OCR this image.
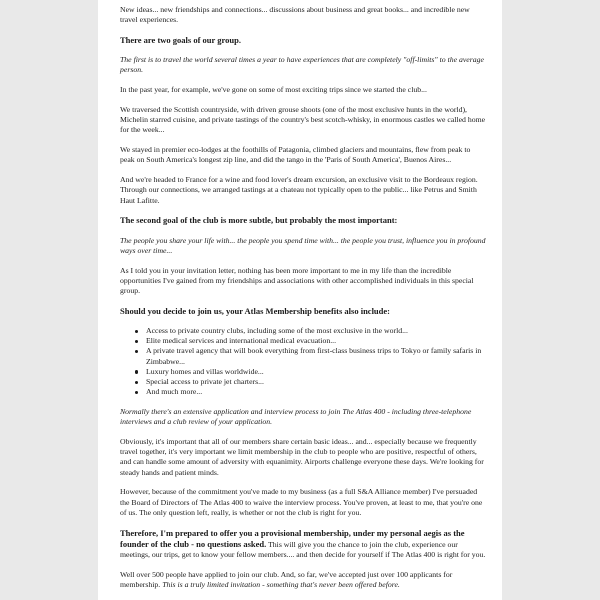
New ideas... new friendships and connections... discussions about business and great books... and incredible new travel experiences.

There are two goals of our group.

The first is to travel the world several times a year to have experiences that are completely "off-limits" to the average person.

In the past year, for example, we've gone on some of most exciting trips since we started the club...

We traversed the Scottish countryside, with driven grouse shoots (one of the most exclusive hunts in the world), Michelin starred cuisine, and private tastings of the country's best scotch-whisky, in enormous castles we called home for the week...

We stayed in premier eco-lodges at the foothills of Patagonia, climbed glaciers and mountains, flew from peak to peak on South America's longest zip line, and did the tango in the 'Paris of South America', Buenos Aires...

And we're headed to France for a wine and food lover's dream excursion, an exclusive visit to the Bordeaux region. Through our connections, we arranged tastings at a chateau not typically open to the public... like Petrus and Smith Haut Lafitte.

The second goal of the club is more subtle, but probably the most important:

The people you share your life with... the people you spend time with... the people you trust, influence you in profound ways over time...

As I told you in your invitation letter, nothing has been more important to me in my life than the incredible opportunities I've gained from my friendships and associations with other accomplished individuals in this special group.

Should you decide to join us, your Atlas Membership benefits also include:

Access to private country clubs, including some of the most exclusive in the world...
Elite medical services and international medical evacuation...
A private travel agency that will book everything from first-class business trips to Tokyo or family safaris in Zimbabwe...
Luxury homes and villas worldwide...
Special access to private jet charters...
And much more...

Normally there's an extensive application and interview process to join The Atlas 400 - including three-telephone interviews and a club review of your application.

Obviously, it's important that all of our members share certain basic ideas... and... especially because we frequently travel together, it's very important we limit membership in the club to people who are positive, respectful of others, and can handle some amount of adversity with equanimity. Airports challenge everyone these days. We're looking for steady hands and patient minds.

However, because of the commitment you've made to my business (as a full S&A Alliance member) I've persuaded the Board of Directors of The Atlas 400 to waive the interview process. You've proven, at least to me, that you're one of us. The only question left, really, is whether or not the club is right for you.

Therefore, I'm prepared to offer you a provisional membership, under my personal aegis as the founder of the club - no questions asked. This will give you the chance to join the club, experience our meetings, our trips, get to know your fellow members.... and then decide for yourself if The Atlas 400 is right for you.

Well over 500 people have applied to join our club. And, so far, we've accepted just over 100 applicants for membership. This is a truly limited invitation - something that's never been offered before.
